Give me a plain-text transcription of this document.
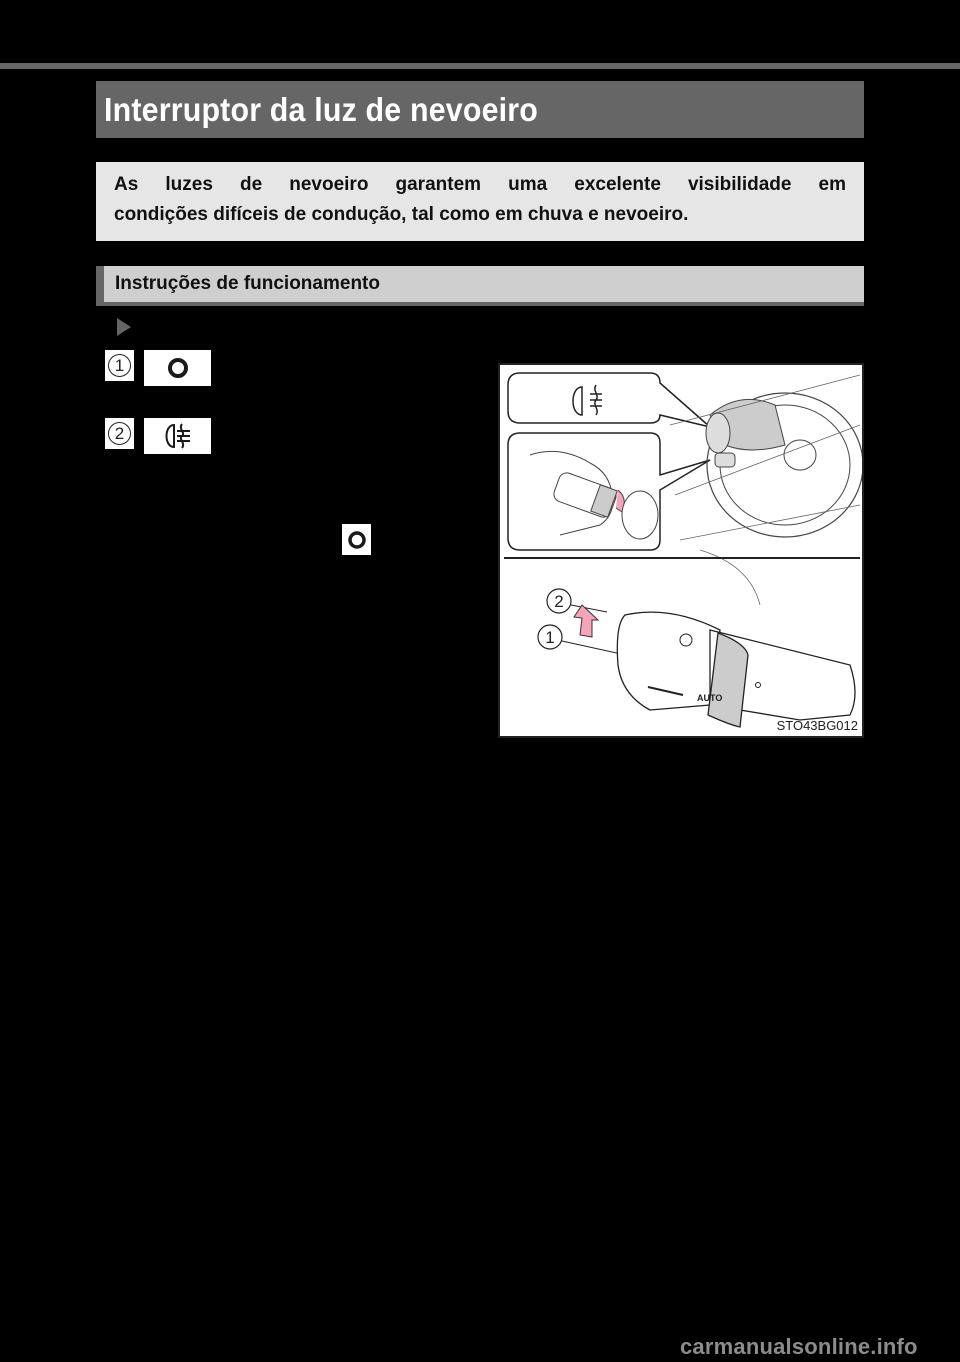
Interruptor da luz de nevoeiro

As luzes de nevoeiro garantem uma excelente visibilidade em

condições difíceis de condução, tal como em chuva e nevoeiro.

Instruções de funcionamento
1
2
2
1
AUTO
STO43BG012
carmanualsonline.info
